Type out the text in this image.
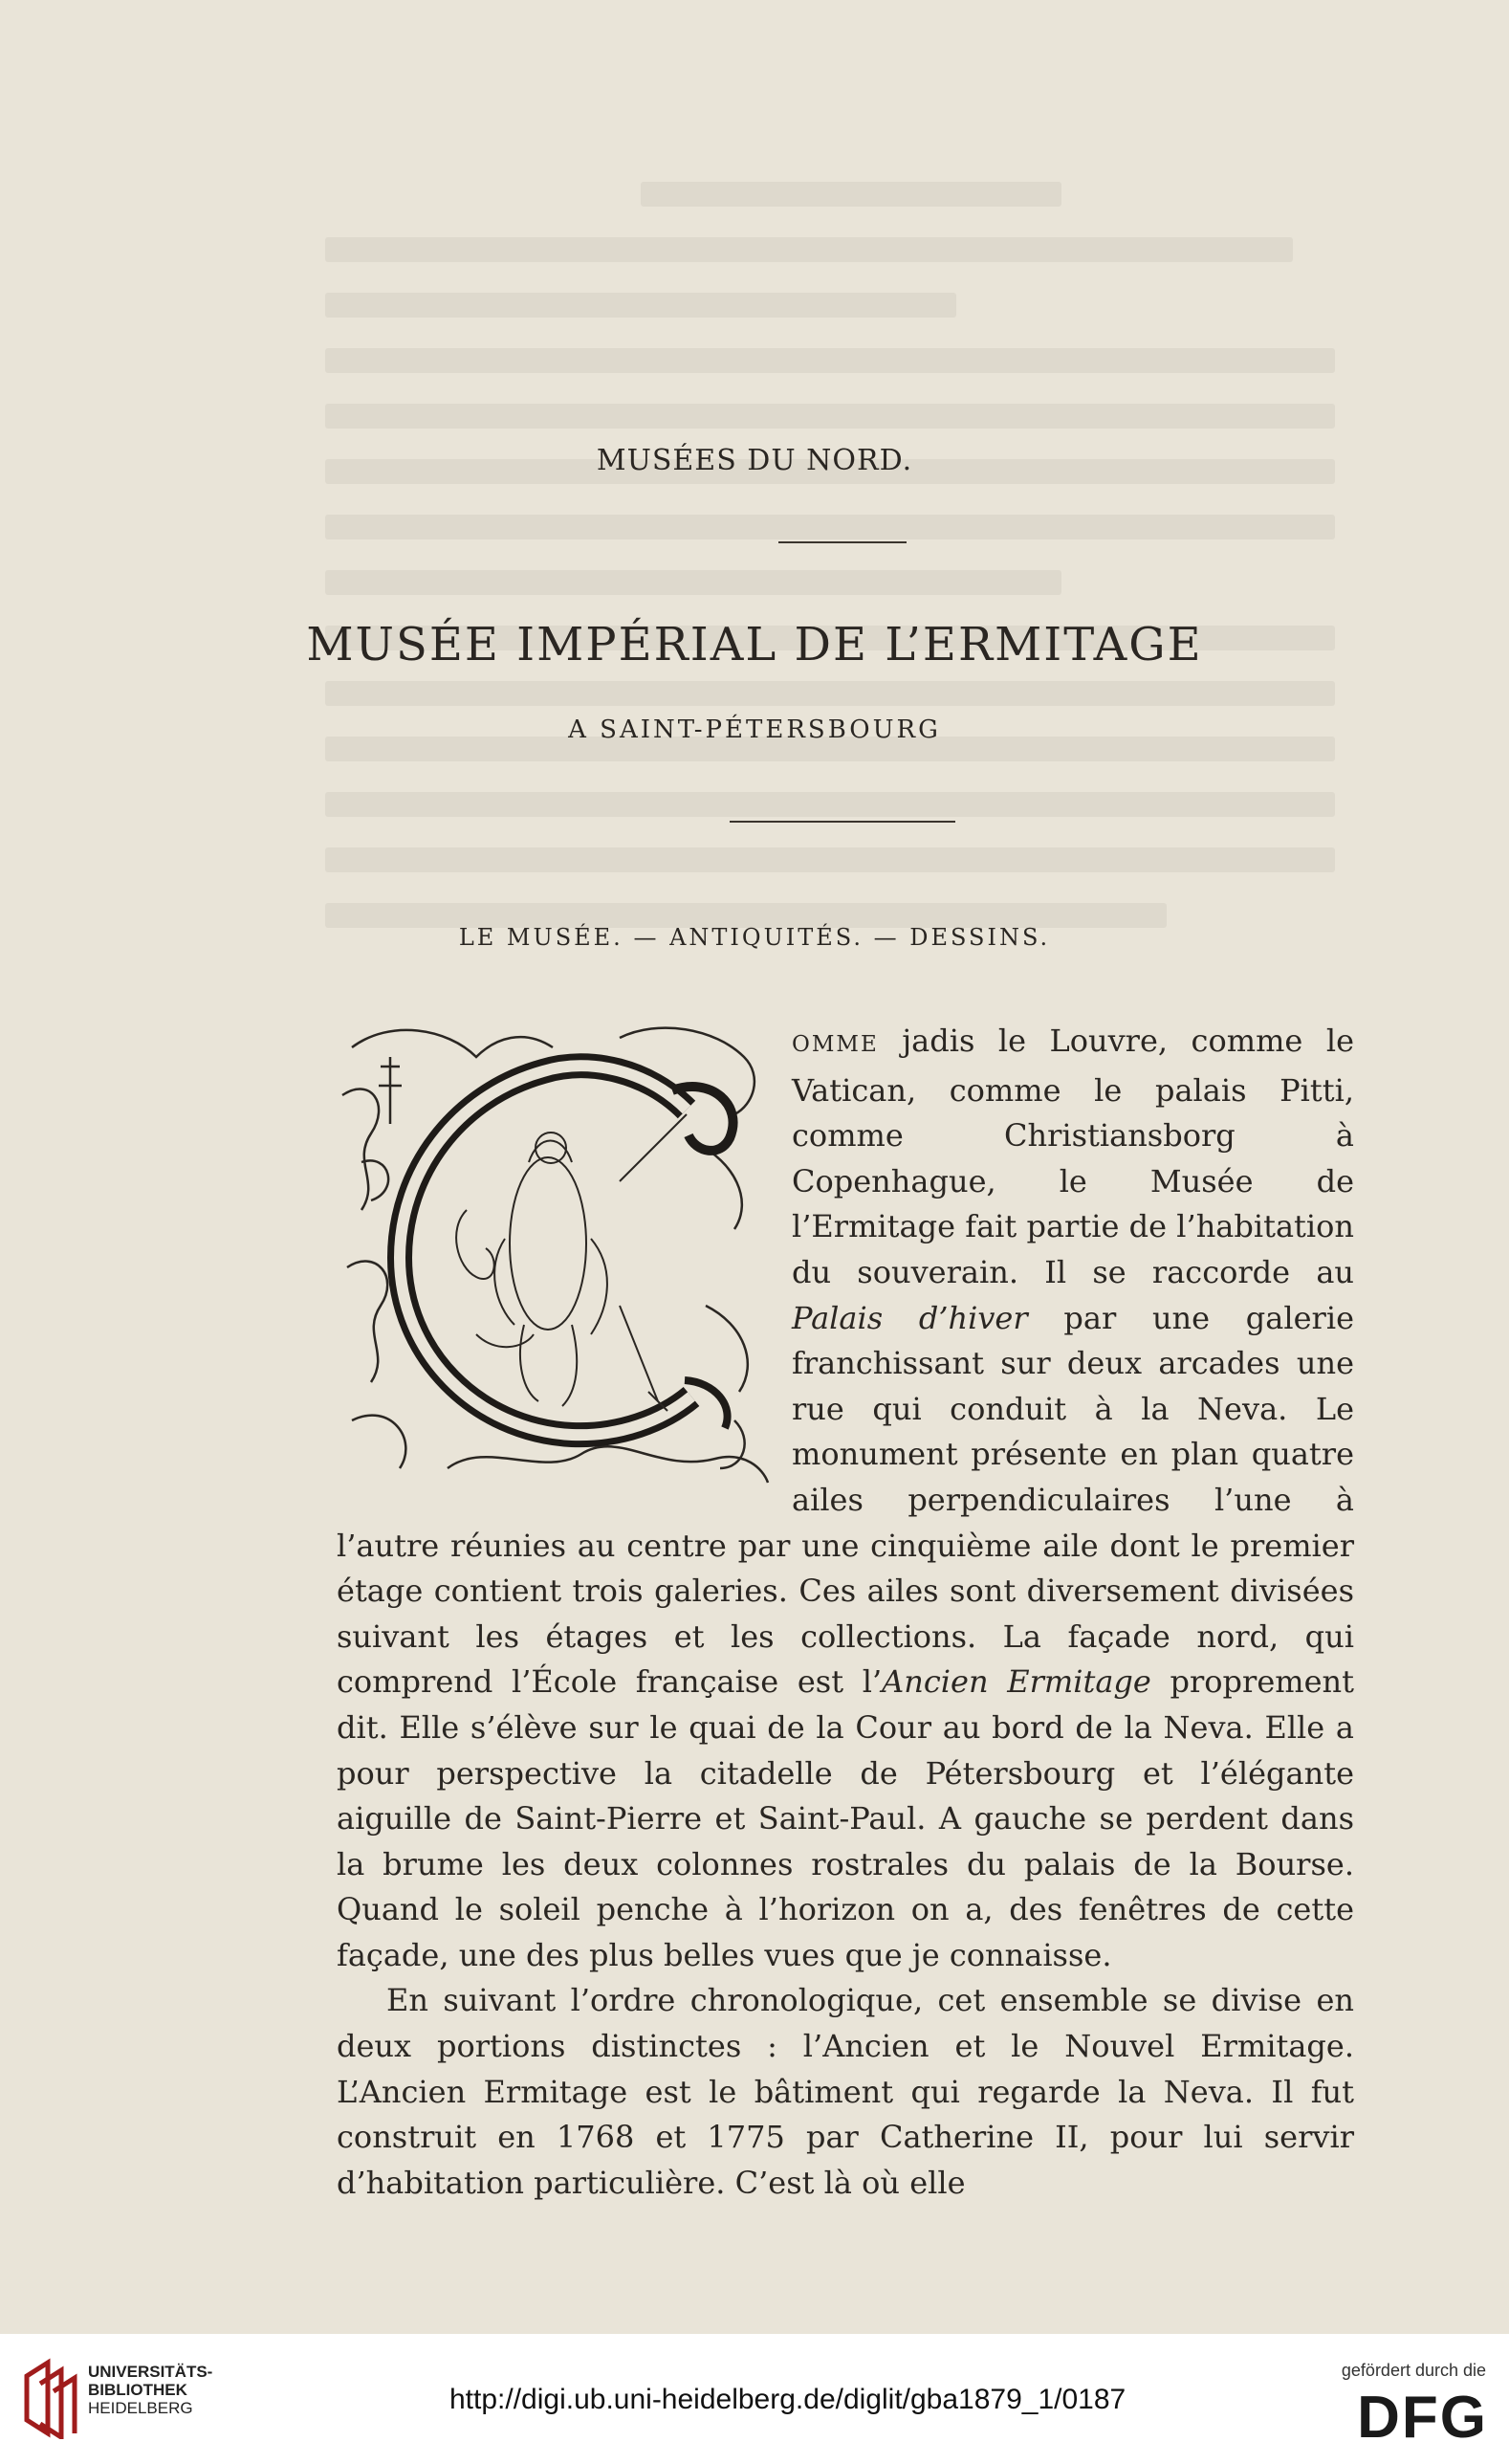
MUSÉES DU NORD.
MUSÉE IMPÉRIAL DE L’ERMITAGE
A SAINT-PÉTERSBOURG
LE MUSÉE. — ANTIQUITÉS. — DESSINS.

OMME jadis le Louvre, comme le Vatican, comme le palais Pitti, comme Christiansborg à Copenhague, le Musée de l’Ermitage fait partie de l’habitation du souverain. Il se raccorde au Palais d’hiver par une galerie franchissant sur deux arcades une rue qui conduit à la Neva. Le monument présente en plan quatre ailes perpendiculaires l’une à l’autre réunies au centre par une cinquième aile dont le premier étage contient trois galeries. Ces ailes sont diversement divisées suivant les étages et les collections. La façade nord, qui comprend l’École française est l’Ancien Ermitage proprement dit. Elle s’élève sur le quai de la Cour au bord de la Neva. Elle a pour perspective la citadelle de Pétersbourg et l’élégante aiguille de Saint-Pierre et Saint-Paul. A gauche se perdent dans la brume les deux colonnes rostrales du palais de la Bourse. Quand le soleil penche à l’horizon on a, des fenêtres de cette façade, une des plus belles vues que je connaisse.

En suivant l’ordre chronologique, cet ensemble se divise en deux portions distinctes : l’Ancien et le Nouvel Ermitage. L’Ancien Ermitage est le bâtiment qui regarde la Neva. Il fut construit en 1768 et 1775 par Catherine II, pour lui servir d’habitation particulière. C’est là où elle

UNIVERSITÄTS-
BIBLIOTHEK
HEIDELBERG	http://digi.ub.uni-heidelberg.de/diglit/gba1879_1/0187
gefördert durch die
DFG
